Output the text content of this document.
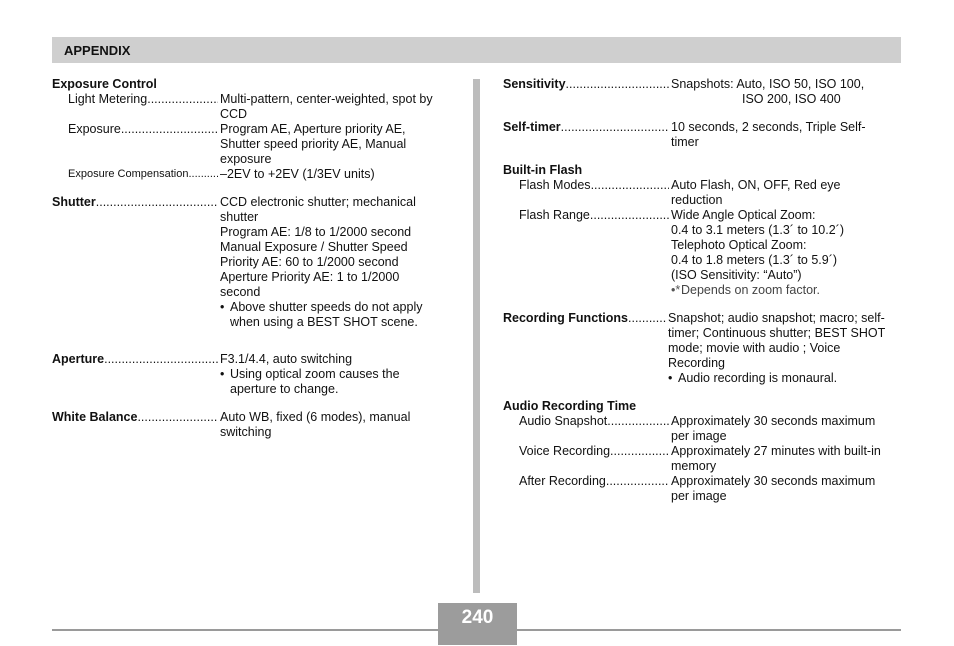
APPENDIX
Exposure Control
Light Metering .....	Multi-pattern, center-weighted, spot by
CCD
Exposure .....	Program AE, Aperture priority AE,
Shutter speed priority AE, Manual
exposure
Exposure Compensation .....	–2EV to +2EV (1/3EV units)
Shutter .....	CCD electronic shutter; mechanical
shutter
Program AE: 1/8 to 1/2000 second
Manual Exposure / Shutter Speed
Priority AE: 60 to 1/2000 second
Aperture Priority AE: 1 to 1/2000
second
•
Above shutter speeds do not apply
when using a BEST SHOT scene.
Aperture .....	F3.1/4.4, auto switching
•
Using optical zoom causes the
aperture to change.
White Balance .....	Auto WB, fixed (6 modes), manual
switching
Sensitivity .....	Snapshots: Auto, ISO 50, ISO 100,
ISO 200, ISO 400
Self-timer .....	10 seconds, 2 seconds, Triple Self-
timer
Built-in Flash
Flash Modes .....	Auto Flash, ON, OFF, Red eye
reduction
Flash Range .....	Wide Angle Optical Zoom:
0.4 to 3.1 meters (1.3´ to 10.2´)
Telephoto Optical Zoom:
0.4 to 1.8 meters (1.3´ to 5.9´)
(ISO Sensitivity: “Auto”)
• * Depends on zoom factor.
Recording Functions .....	Snapshot; audio snapshot; macro; self-
timer; Continuous shutter; BEST SHOT
mode; movie with audio ; Voice
Recording
•
Audio recording is monaural.
Audio Recording Time
Audio Snapshot .....	Approximately 30 seconds maximum
per image
Voice Recording .....	Approximately 27 minutes with built-in
memory
After Recording .....	Approximately 30 seconds maximum
per image
240
